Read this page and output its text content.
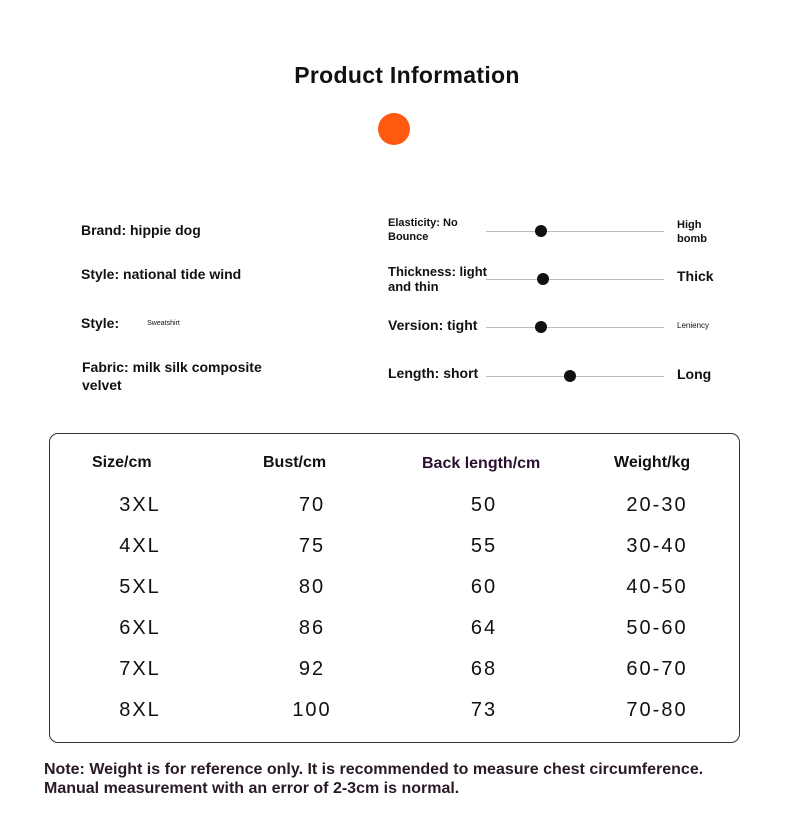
Product Information
Brand: hippie dog
Style: national tide wind
Style:	Sweatshirt
Fabric: milk silk composite velvet
Elasticity: No Bounce
High bomb
Thickness: light and thin
Thick
Version: tight	Leniency
Length: short	Long
Size/cm	Bust/cm	Back length/cm	Weight/kg
3XL	70	50	20-30
4XL	75	55	30-40
5XL	80	60	40-50
6XL	86	64	50-60
7XL	92	68	60-70
8XL	100	73	70-80
Note: Weight is for reference only. It is recommended to measure chest circumference.
Manual measurement with an error of 2-3cm is normal.
